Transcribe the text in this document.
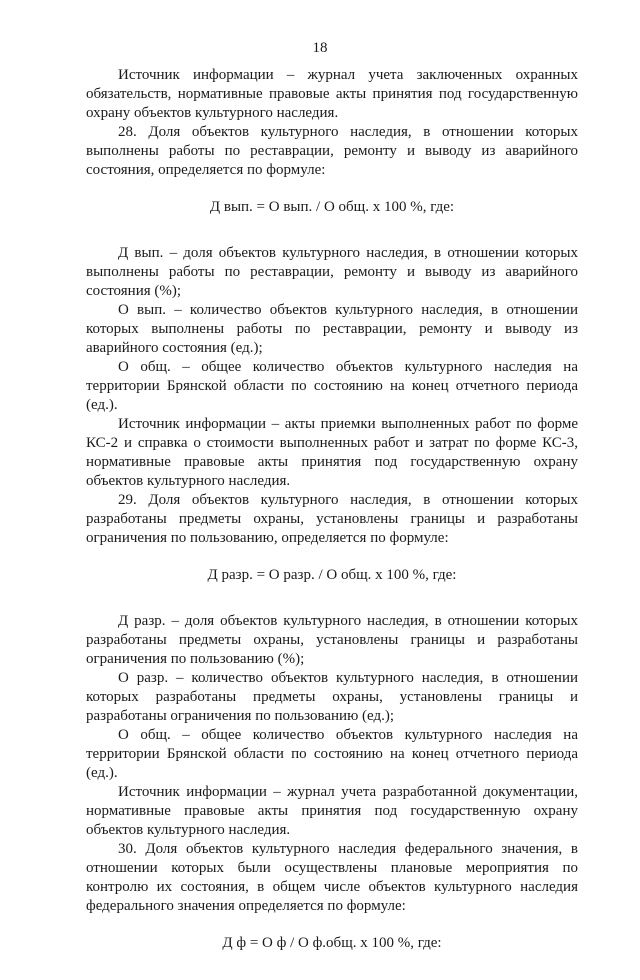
18

Источник информации – журнал учета заключенных охранных обязательств, нормативные правовые акты принятия под государственную охрану объектов культурного наследия.

28. Доля объектов культурного наследия, в отношении которых выполнены работы по реставрации, ремонту и выводу из аварийного состояния, определяется по формуле:

Д вып. = О вып. / О общ. х 100 %, где:

Д вып. – доля объектов культурного наследия, в отношении которых выполнены работы по реставрации, ремонту и выводу из аварийного состояния (%);

О вып. – количество объектов культурного наследия, в отношении которых выполнены работы по реставрации, ремонту и выводу из аварийного состояния (ед.);

О общ. – общее количество объектов культурного наследия на территории Брянской области по состоянию на конец отчетного периода (ед.).

Источник информации – акты приемки выполненных работ по форме КС-2 и справка о стоимости выполненных работ и затрат по форме КС-3, нормативные правовые акты принятия под государственную охрану объектов культурного наследия.

29. Доля объектов культурного наследия, в отношении которых разработаны предметы охраны, установлены границы и разработаны ограничения по пользованию, определяется по формуле:

Д разр. = О разр. / О общ. х 100 %, где:

Д разр. – доля объектов культурного наследия, в отношении которых разработаны предметы охраны, установлены границы и разработаны ограничения по пользованию (%);

О разр. – количество объектов культурного наследия, в отношении которых разработаны предметы охраны, установлены границы и разработаны ограничения по пользованию (ед.);

О общ. – общее количество объектов культурного наследия на территории Брянской области по состоянию на конец отчетного периода (ед.).

Источник информации – журнал учета разработанной документации, нормативные правовые акты принятия под государственную охрану объектов культурного наследия.

30. Доля объектов культурного наследия федерального значения, в отношении которых были осуществлены плановые мероприятия по контролю их состояния, в общем числе объектов культурного наследия федерального значения определяется по формуле:

Д ф = О ф / О ф.общ. х 100 %, где:
